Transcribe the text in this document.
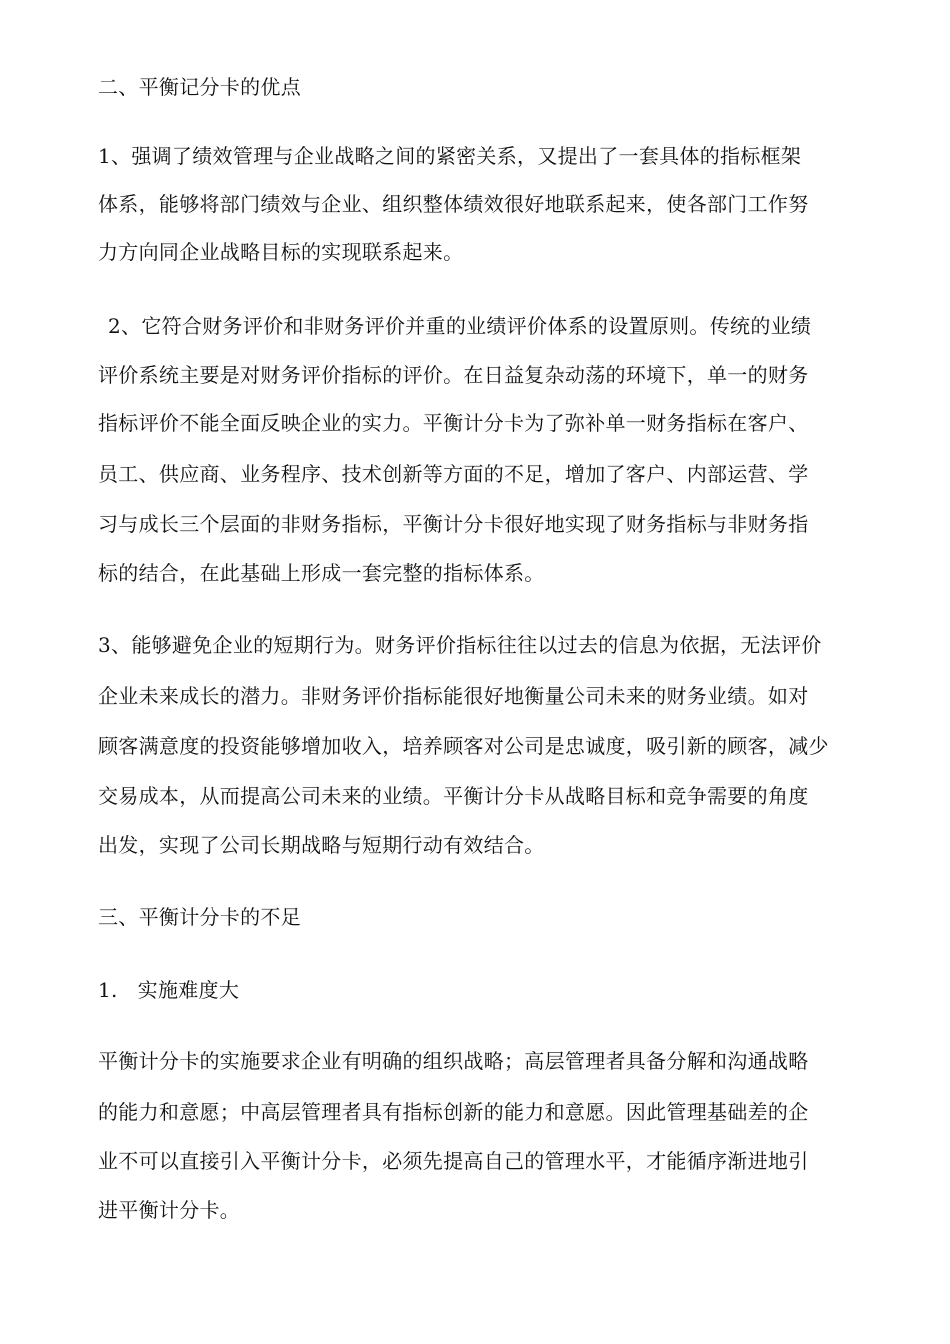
二、平衡记分卡的优点
1、强调了绩效管理与企业战略之间的紧密关系，又提出了一套具体的指标框架
体系，能够将部门绩效与企业、组织整体绩效很好地联系起来，使各部门工作努
力方向同企业战略目标的实现联系起来。
2、它符合财务评价和非财务评价并重的业绩评价体系的设置原则。传统的业绩
评价系统主要是对财务评价指标的评价。在日益复杂动荡的环境下，单一的财务
指标评价不能全面反映企业的实力。平衡计分卡为了弥补单一财务指标在客户、
员工、供应商、业务程序、技术创新等方面的不足，增加了客户、内部运营、学
习与成长三个层面的非财务指标，平衡计分卡很好地实现了财务指标与非财务指
标的结合，在此基础上形成一套完整的指标体系。
3、能够避免企业的短期行为。财务评价指标往往以过去的信息为依据，无法评价
企业未来成长的潜力。非财务评价指标能很好地衡量公司未来的财务业绩。如对
顾客满意度的投资能够增加收入，培养顾客对公司是忠诚度，吸引新的顾客，减少
交易成本，从而提高公司未来的业绩。平衡计分卡从战略目标和竞争需要的角度
出发，实现了公司长期战略与短期行动有效结合。
三、平衡计分卡的不足
1.   实施难度大
平衡计分卡的实施要求企业有明确的组织战略；高层管理者具备分解和沟通战略
的能力和意愿；中高层管理者具有指标创新的能力和意愿。因此管理基础差的企
业不可以直接引入平衡计分卡，必须先提高自己的管理水平，才能循序渐进地引
进平衡计分卡。
